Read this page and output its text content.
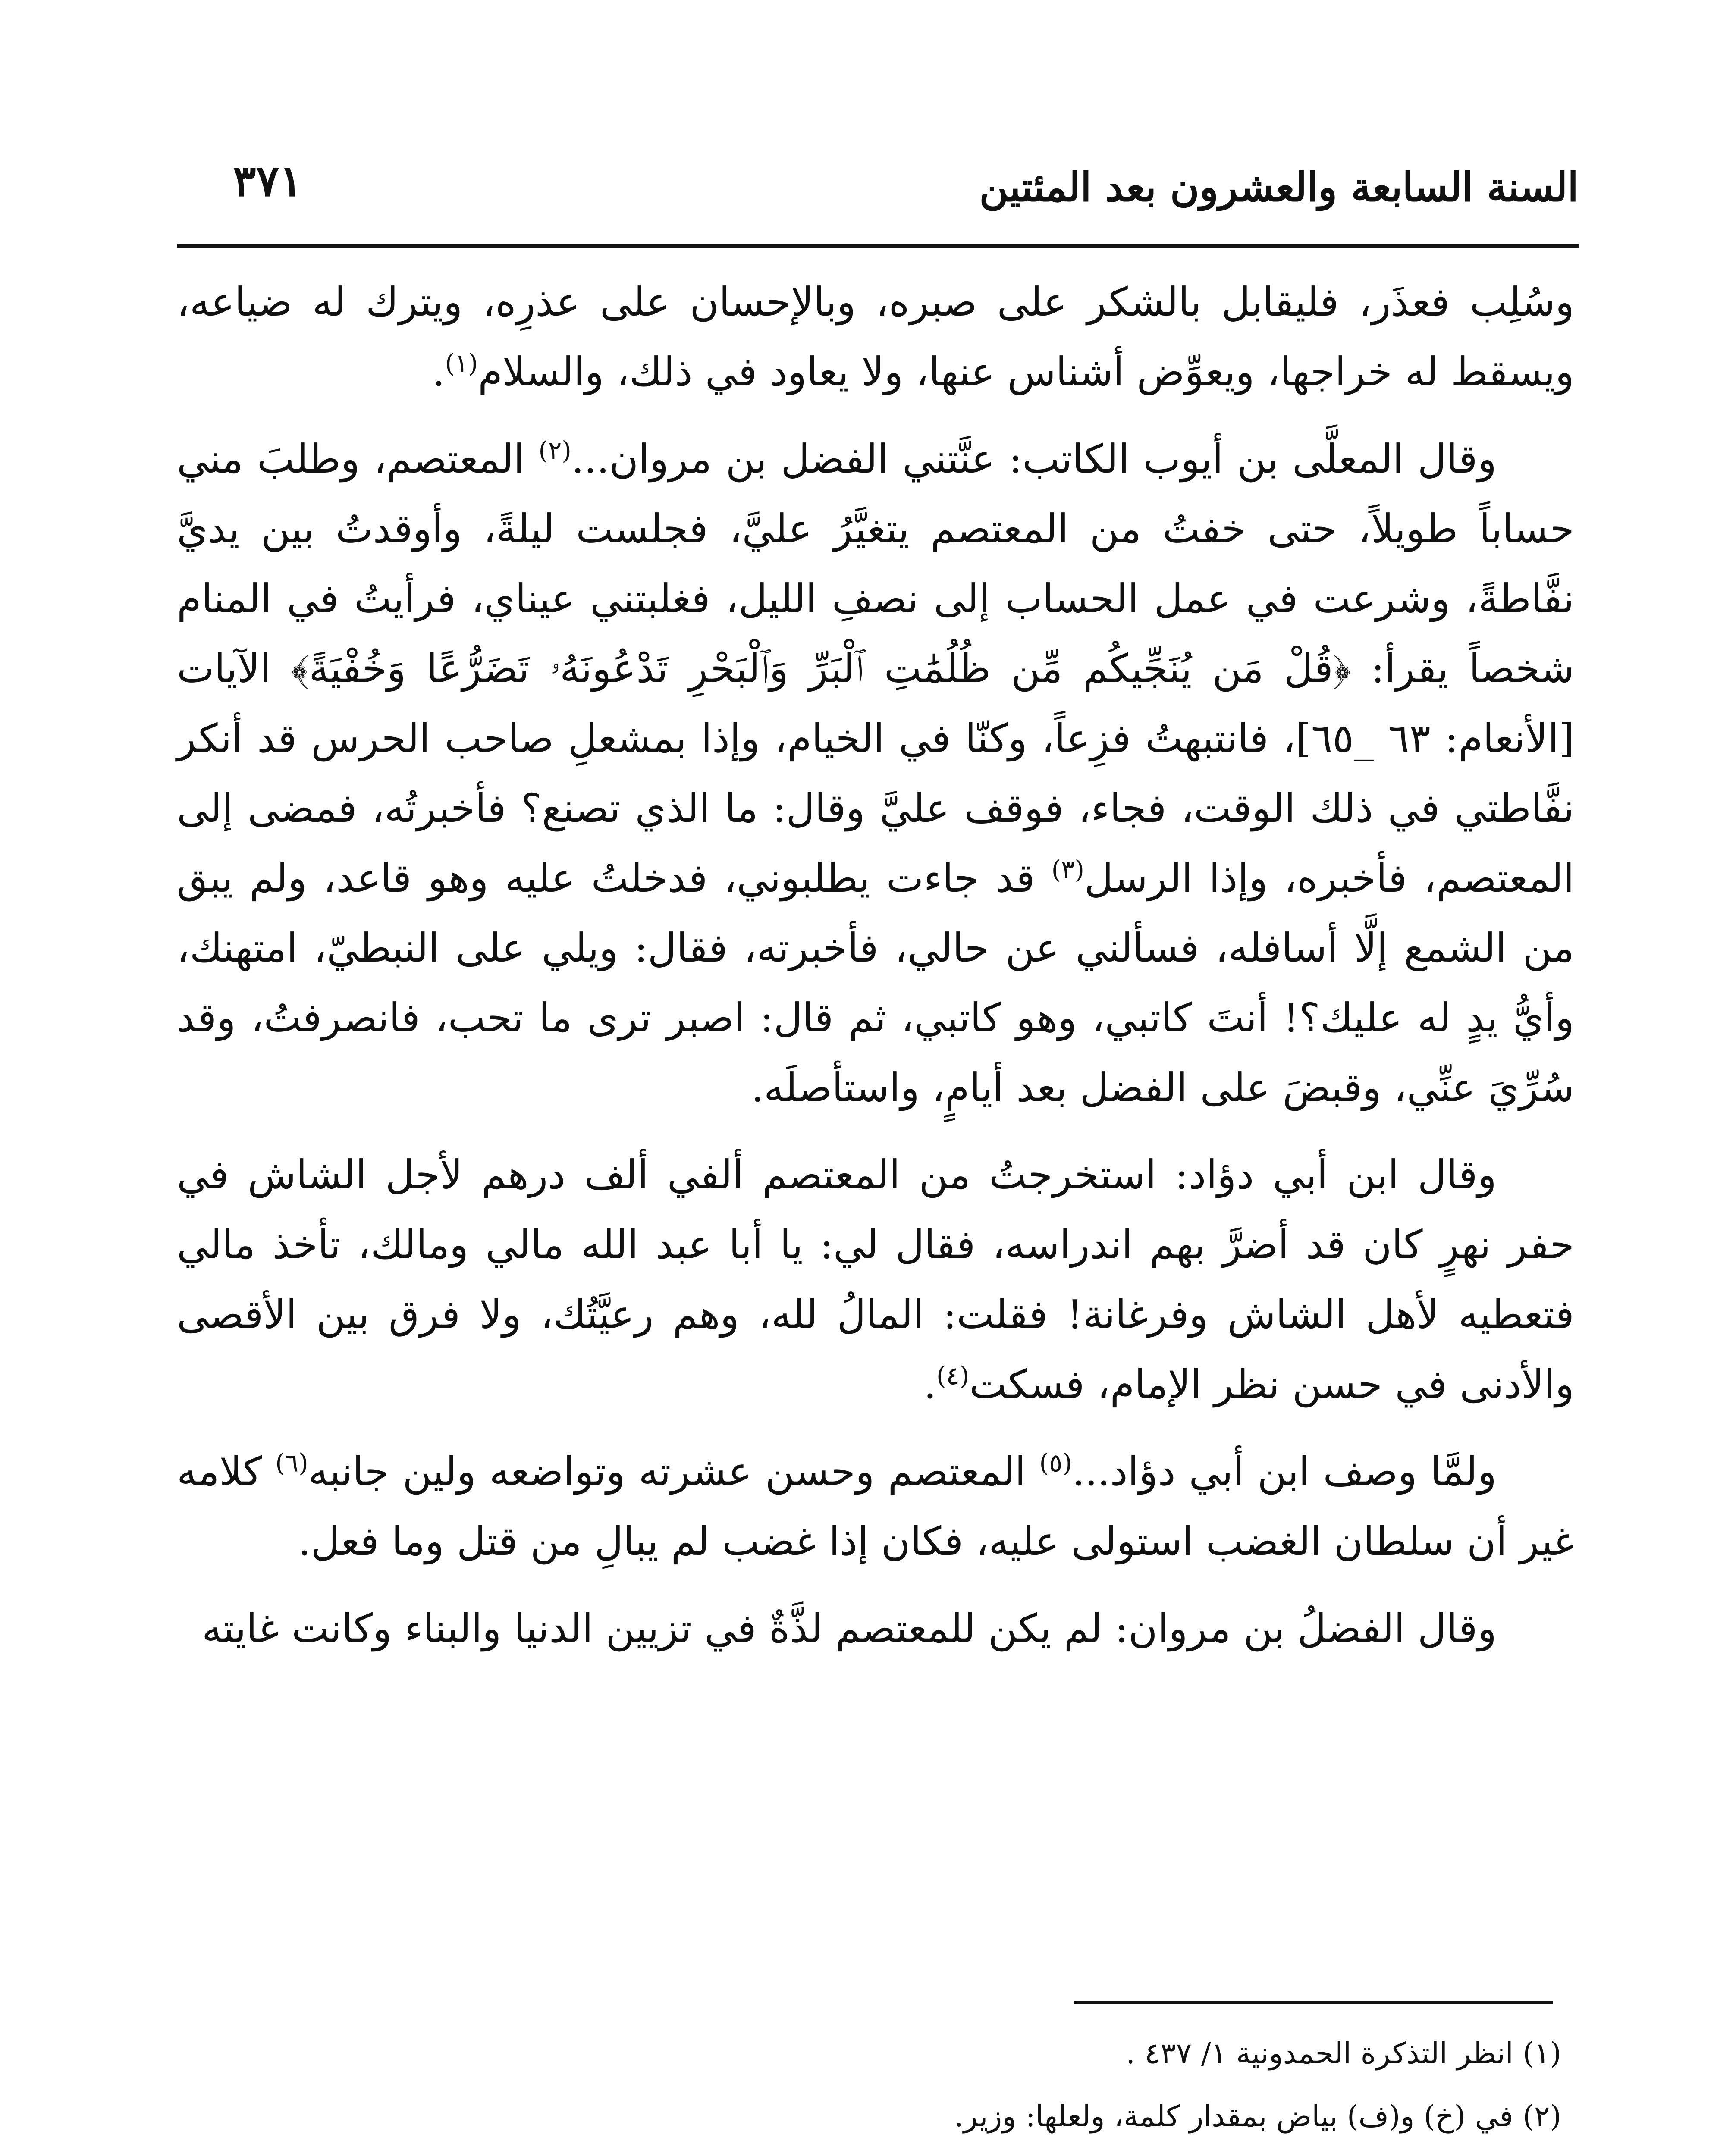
السنة السابعة والعشرون بعد المئتين
٣٧١

وسُلِب فعذَر، فليقابل بالشكر على صبره، وبالإحسان على عذرِه، ويترك له ضياعه، ويسقط له خراجها، ويعوِّض أشناس عنها، ولا يعاود في ذلك، والسلام$^{(١)}$.

وقال المعلَّى بن أيوب الكاتب: عنَّتني الفضل بن مروان...$^{(٢)}$ المعتصم، وطلبَ مني حساباً طويلاً، حتى خفتُ من المعتصم يتغيَّرُ عليَّ، فجلست ليلةً، وأوقدتُ بين يديَّ نفَّاطةً، وشرعت في عمل الحساب إلى نصفِ الليل، فغلبتني عيناي، فرأيتُ في المنام شخصاً يقرأ: ﴿قُلْ مَن يُنَجِّيكُم مِّن ظُلُمَٰتِ ٱلْبَرِّ وَٱلْبَحْرِ تَدْعُونَهُۥ تَضَرُّعًا وَخُفْيَةً﴾ الآيات [الأنعام: ٦٣ _٦٥]، فانتبهتُ فزِعاً، وكنّا في الخيام، وإذا بمشعلِ صاحب الحرس قد أنكر نفَّاطتي في ذلك الوقت، فجاء، فوقف عليَّ وقال: ما الذي تصنع؟ فأخبرتُه، فمضى إلى المعتصم، فأخبره، وإذا الرسل$^{(٣)}$ قد جاءت يطلبوني، فدخلتُ عليه وهو قاعد، ولم يبق من الشمع إلَّا أسافله، فسألني عن حالي، فأخبرته، فقال: ويلي على النبطيّ، امتهنك، وأيُّ يدٍ له عليك؟! أنتَ كاتبي، وهو كاتبي، ثم قال: اصبر ترى ما تحب، فانصرفتُ، وقد سُرِّيَ عنِّي، وقبضَ على الفضل بعد أيامٍ، واستأصلَه.

وقال ابن أبي دؤاد: استخرجتُ من المعتصم ألفي ألف درهم لأجل الشاش في حفر نهرٍ كان قد أضرَّ بهم اندراسه، فقال لي: يا أبا عبد الله مالي ومالك، تأخذ مالي فتعطيه لأهل الشاش وفرغانة! فقلت: المالُ لله، وهم رعيَّتُك، ولا فرق بين الأقصى والأدنى في حسن نظر الإمام، فسكت$^{(٤)}$.

ولمَّا وصف ابن أبي دؤاد...$^{(٥)}$ المعتصم وحسن عشرته وتواضعه ولين جانبه$^{(٦)}$ كلامه غير أن سلطان الغضب استولى عليه، فكان إذا غضب لم يبالِ من قتل وما فعل.

وقال الفضلُ بن مروان: لم يكن للمعتصم لذَّةٌ في تزيين الدنيا والبناء وكانت غايته

(١) انظر التذكرة الحمدونية ١/ ٤٣٧ .

(٢) في (خ) و(ف) بياض بمقدار كلمة، ولعلها: وزير.
